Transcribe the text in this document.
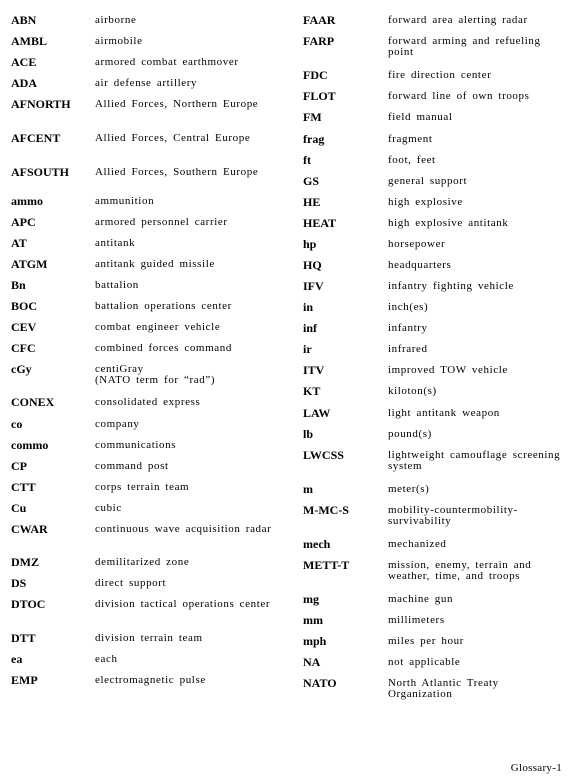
ABN	airborne
AMBL	airmobile
ACE	armored combat earthmover
ADA	air defense artillery
AFNORTH	Allied Forces, Northern Europe
AFCENT	Allied Forces, Central Europe
AFSOUTH	Allied Forces, Southern Europe
ammo	ammunition
APC	armored personnel carrier
AT	antitank
ATGM	antitank guided missile
Bn	battalion
BOC	battalion operations center
CEV	combat engineer vehicle
CFC	combined forces command
cGy	centiGray
(NATO term for “rad”)
CONEX	consolidated express
co	company
commo	communications
CP	command post
CTT	corps terrain team
Cu	cubic
CWAR	continuous wave acquisition radar
DMZ	demilitarized zone
DS	direct support
DTOC	division tactical operations center
DTT	division terrain team
ea	each
EMP	electromagnetic pulse
FAAR	forward area alerting radar
FARP	forward arming and refueling point
FDC	fire direction center
FLOT	forward line of own troops
FM	field manual
frag	fragment
ft	foot, feet
GS	general support
HE	high explosive
HEAT	high explosive antitank
hp	horsepower
HQ	headquarters
IFV	infantry fighting vehicle
in	inch(es)
inf	infantry
ir	infrared
ITV	improved TOW vehicle
KT	kiloton(s)
LAW	light antitank weapon
lb	pound(s)
LWCSS	lightweight camouflage screening system
m	meter(s)
M-MC-S	mobility-countermobility-survivability
mech	mechanized
METT-T	mission, enemy, terrain and weather, time, and troops
mg	machine gun
mm	millimeters
mph	miles per hour
NA	not applicable
NATO	North Atlantic Treaty Organization
Glossary-1
